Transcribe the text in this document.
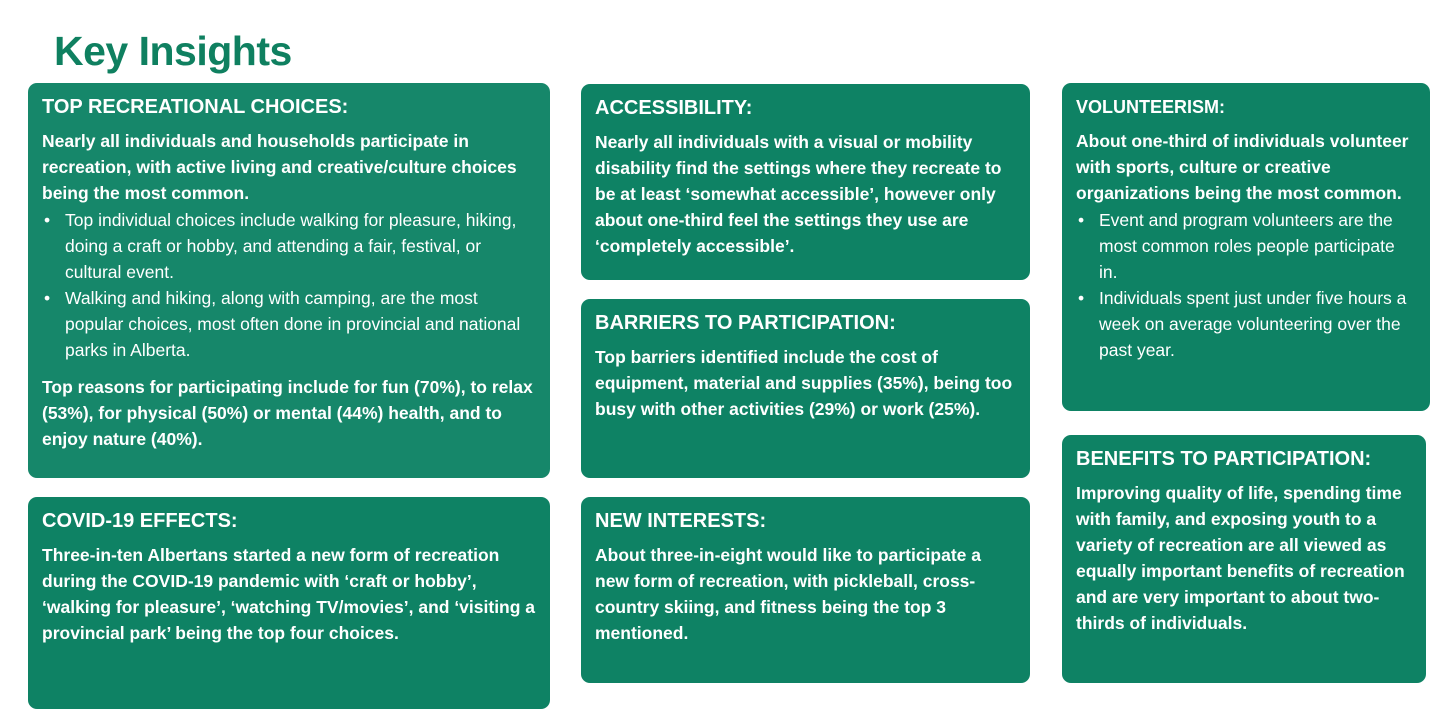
Key Insights
TOP RECREATIONAL CHOICES:

Nearly all individuals and households participate in recreation, with active living and creative/culture choices being the most common.

• Top individual choices include walking for pleasure, hiking, doing a craft or hobby, and attending a fair, festival, or cultural event.
• Walking and hiking, along with camping, are the most popular choices, most often done in provincial and national parks in Alberta.

Top reasons for participating include for fun (70%), to relax (53%), for physical (50%) or mental (44%) health, and to enjoy nature (40%).

COVID-19 EFFECTS:

Three-in-ten Albertans started a new form of recreation during the COVID-19 pandemic with ‘craft or hobby’, ‘walking for pleasure’, ‘watching TV/movies’, and ‘visiting a provincial park’ being the top four choices.

ACCESSIBILITY:

Nearly all individuals with a visual or mobility disability find the settings where they recreate to be at least ‘somewhat accessible’, however only about one-third feel the settings they use are ‘completely accessible’.

BARRIERS TO PARTICIPATION:

Top barriers identified include the cost of equipment, material and supplies (35%), being too busy with other activities (29%) or work (25%).

NEW INTERESTS:

About three-in-eight would like to participate a new form of recreation, with pickleball, cross-country skiing, and fitness being the top 3 mentioned.

VOLUNTEERISM:

About one-third of individuals volunteer with sports, culture or creative organizations being the most common.

• Event and program volunteers are the most common roles people participate in.
• Individuals spent just under five hours a week on average volunteering over the past year.
BENEFITS TO PARTICIPATION:

Improving quality of life, spending time with family, and exposing youth to a variety of recreation are all viewed as equally important benefits of recreation and are very important to about two-thirds of individuals.
